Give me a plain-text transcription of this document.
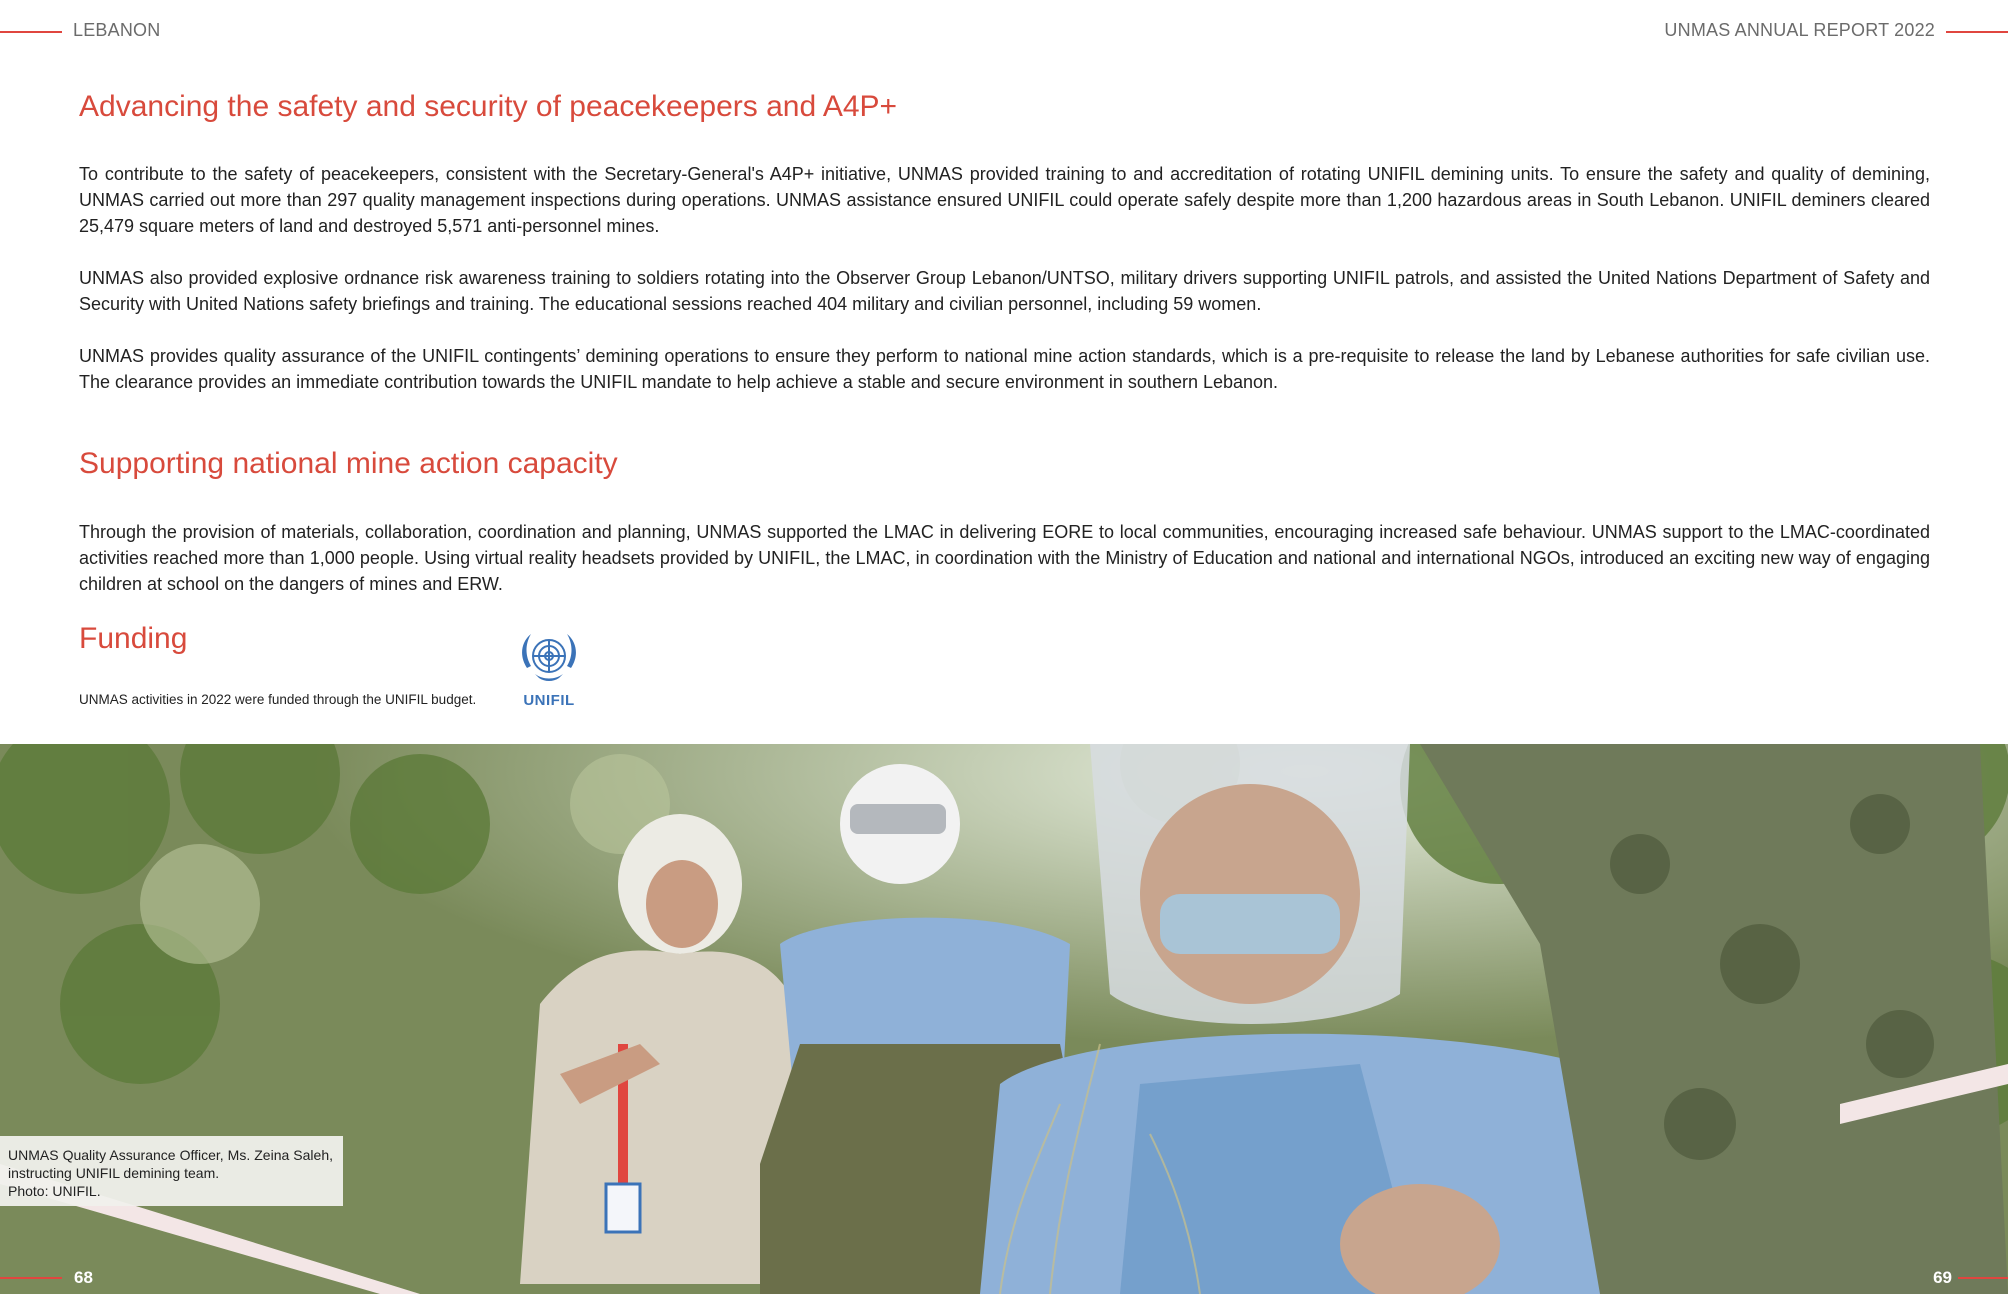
LEBANON	UNMAS ANNUAL REPORT 2022
Advancing the safety and security of peacekeepers and A4P+

To contribute to the safety of peacekeepers, consistent with the Secretary-General's A4P+ initiative, UNMAS provided training to and accreditation of rotating UNIFIL demining units. To ensure the safety and quality of demining, UNMAS carried out more than 297 quality management inspections during operations. UNMAS assistance ensured UNIFIL could operate safely despite more than 1,200 hazardous areas in South Lebanon. UNIFIL deminers cleared 25,479 square meters of land and destroyed 5,571 anti-personnel mines.

UNMAS also provided explosive ordnance risk awareness training to soldiers rotating into the Observer Group Lebanon/UNTSO, military drivers supporting UNIFIL patrols, and assisted the United Nations Department of Safety and Security with United Nations safety briefings and training. The educational sessions reached 404 military and civilian personnel, including 59 women.

UNMAS provides quality assurance of the UNIFIL contingents’ demining operations to ensure they perform to national mine action standards, which is a pre-requisite to release the land by Lebanese authorities for safe civilian use. The clearance provides an immediate contribution towards the UNIFIL mandate to help achieve a stable and secure environment in southern Lebanon.

Supporting national mine action capacity

Through the provision of materials, collaboration, coordination and planning, UNMAS supported the LMAC in delivering EORE to local communities, encouraging increased safe behaviour. UNMAS support to the LMAC-coordinated activities reached more than 1,000 people. Using virtual reality headsets provided by UNIFIL, the LMAC, in coordination with the Ministry of Education and national and international NGOs, introduced an exciting new way of engaging children at school on the dangers of mines and ERW.

Funding
UNMAS activities in 2022 were funded through the UNIFIL budget.	UNIFIL
UNMAS Quality Assurance Officer, Ms. Zeina Saleh, instructing UNIFIL demining team.
Photo: UNIFIL.
68	69
